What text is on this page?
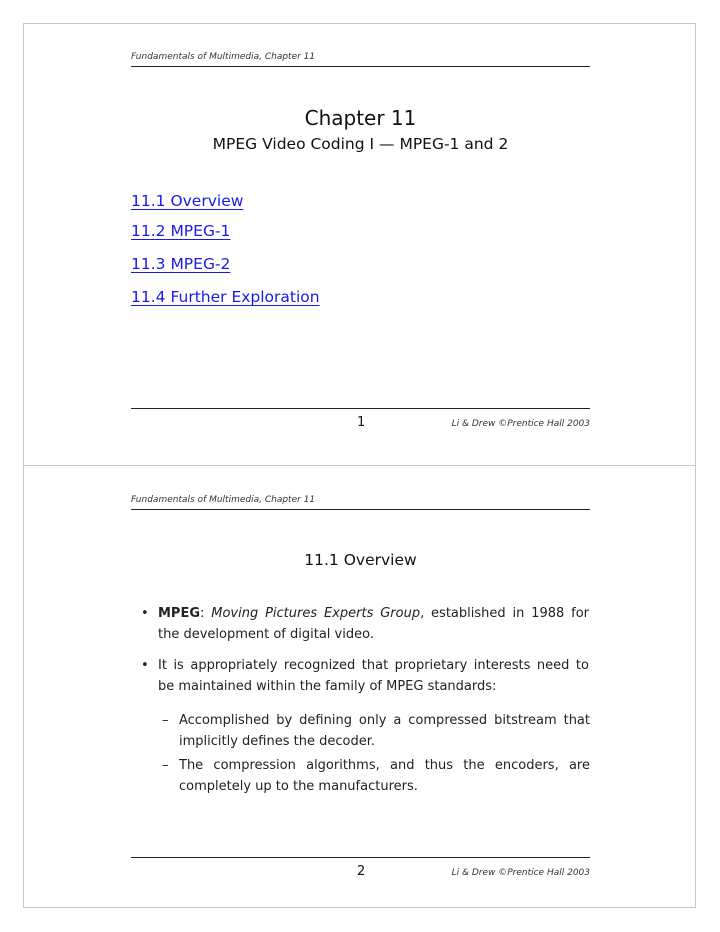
Fundamentals of Multimedia, Chapter 11
Chapter 11
MPEG Video Coding I — MPEG-1 and 2
11.1 Overview
11.2 MPEG-1
11.3 MPEG-2
11.4 Further Exploration
1	Li & Drew ©Prentice Hall 2003
Fundamentals of Multimedia, Chapter 11
11.1 Overview
• MPEG: Moving Pictures Experts Group, established in 1988 for the development of digital video.
• It is appropriately recognized that proprietary interests need to be maintained within the family of MPEG standards:
– Accomplished by defining only a compressed bitstream that implicitly defines the decoder.
– The compression algorithms, and thus the encoders, are completely up to the manufacturers.
2	Li & Drew ©Prentice Hall 2003
